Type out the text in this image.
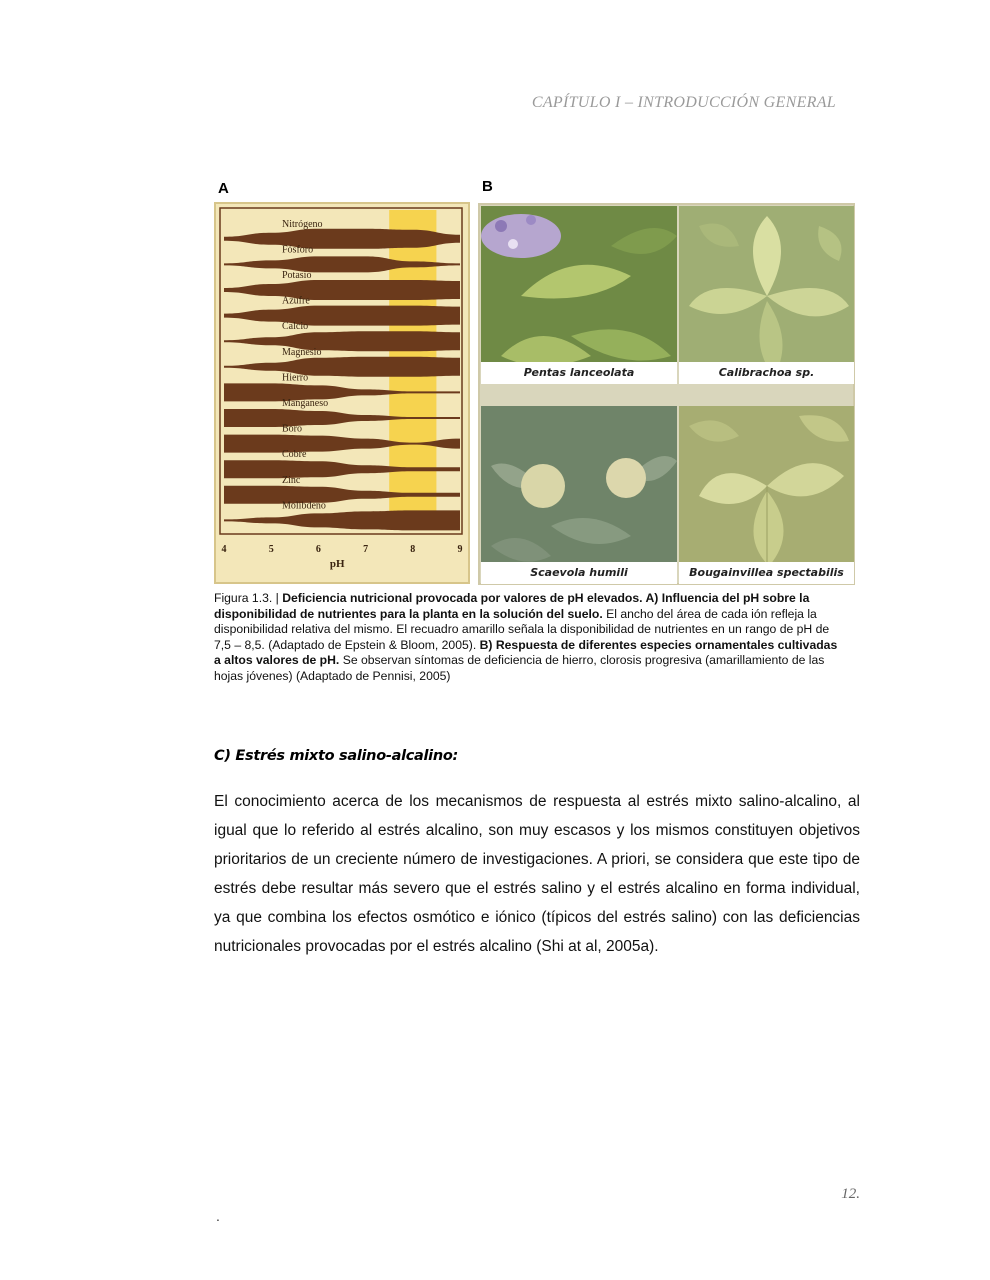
CAPÍTULO I – INTRODUCCIÓN GENERAL
A	B
Nitrógeno
Fósforo
Potasio
Azufre
Calcio
Magnesio
Hierro
Manganeso
Boro
Cobre
Zinc
Molibdeno
4	5	6	7	8	9
pH
Pentas lanceolata	Calibrachoa sp.
Scaevola humili	Bougainvillea spectabilis
Figura 1.3. | Deficiencia nutricional provocada por valores de pH elevados. A) Influencia del pH sobre la disponibilidad de nutrientes para la planta en la solución del suelo. El ancho del área de cada ión refleja la disponibilidad relativa del mismo. El recuadro amarillo señala la disponibilidad de nutrientes en un rango de pH de 7,5 – 8,5. (Adaptado de Epstein & Bloom, 2005). B) Respuesta de diferentes especies ornamentales cultivadas a altos valores de pH. Se observan síntomas de deficiencia de hierro, clorosis progresiva (amarillamiento de las hojas jóvenes) (Adaptado de Pennisi, 2005)
C) Estrés mixto salino-alcalino:
El conocimiento acerca de los mecanismos de respuesta al estrés mixto salino-alcalino, al igual que lo referido al estrés alcalino, son muy escasos y los mismos constituyen objetivos prioritarios de un creciente número de investigaciones. A priori, se considera que este tipo de estrés debe resultar más severo que el estrés salino y el estrés alcalino en forma individual, ya que combina los efectos osmótico e iónico (típicos del estrés salino) con las deficiencias nutricionales provocadas por el estrés alcalino (Shi at al, 2005a).
12.
.
